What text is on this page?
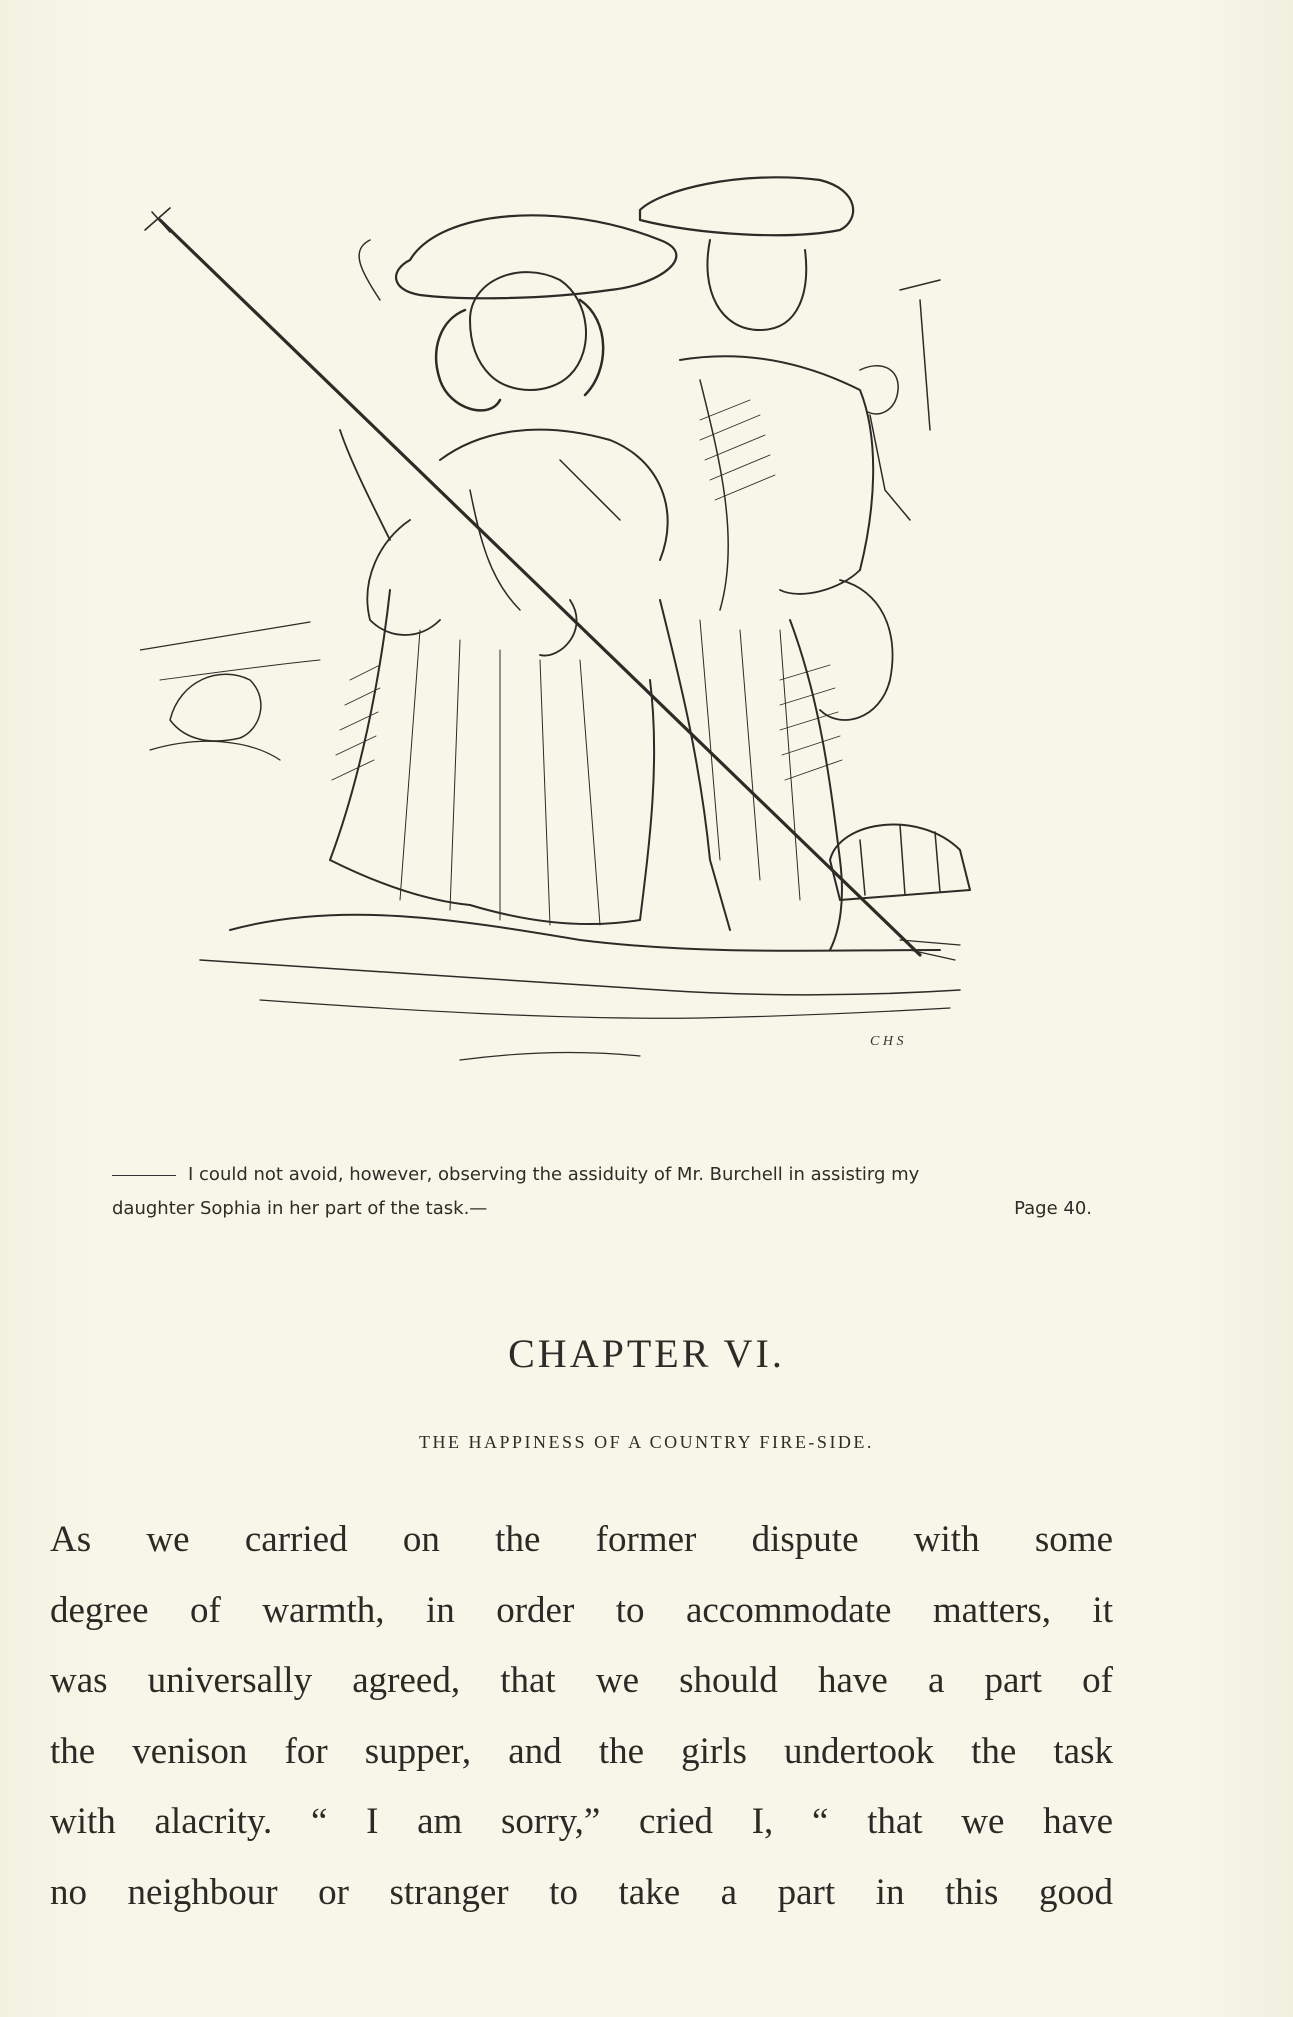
C H S
I could not avoid, however, observing the assiduity of Mr. Burchell in assistirg my
daughter Sophia in her part of the task.—	Page 40.
CHAPTER VI.
THE HAPPINESS OF A COUNTRY FIRE-SIDE.
As we carried on the former dispute with some
degree of warmth, in order to accommodate matters, it
was universally agreed, that we should have a part of
the venison for supper, and the girls undertook the task
with alacrity. “ I am sorry,” cried I, “ that we have
no neighbour or stranger to take a part in this good
